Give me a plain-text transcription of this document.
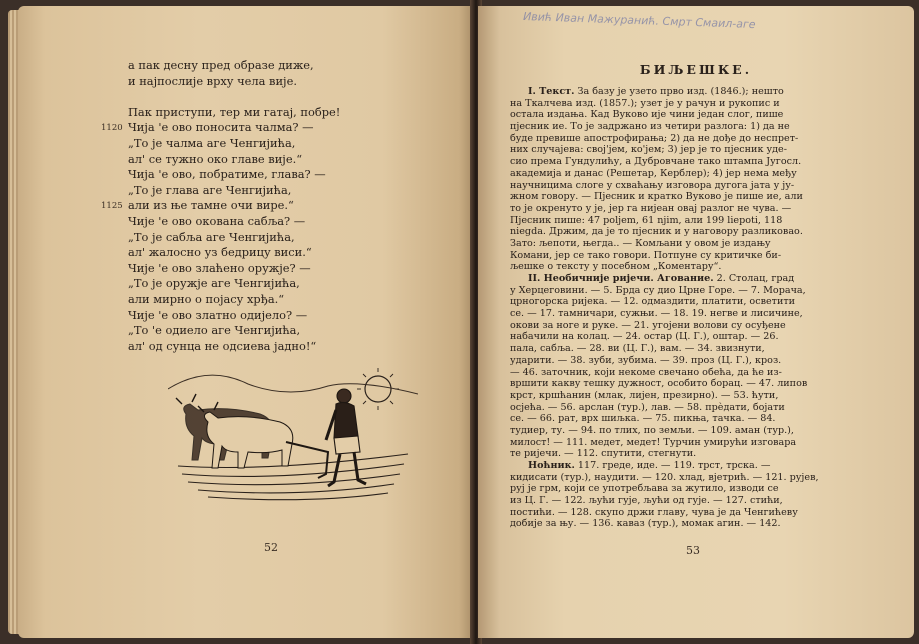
а пак десну пред образе диже,
и најпослије врху чела вије.
Пак приступи, тер ми гатај, побре!
1120 Чија 'е ово поносита чалма? —
„То је чалма аге Ченгијића,
ал' се тужно око главе вије.“
Чија 'е ово, побратиме, глава? —
„То је глава аге Ченгијића,
1125 али из ње тамне очи вире.“
Чије 'е ово окована сабља? —
„То је сабља аге Ченгијића,
ал' жалосно уз бедрицу виси.“
Чије 'е ово злаћено оружје? —
„То је оружје аге Ченгијића,
али мирно о појасу хрђа.“
Чије 'е ово златно одијело? —
„То 'е одиело аге Ченгијића,
ал' од сунца не одсиева јадно!“
52
Ивић Иван Мажуранић. Смрт Смаил-аге
БИЉЕШКЕ.
I. Текст. За базу је узето прво изд. (1846.); нешто
на Ткалчева изд. (1857.); узет је у рачун и рукопис и
остала издања. Кад Вуково ије чини један слог, пише
пјесник ие. То је задржано из четири разлога: 1) да не
буде превише апострофирања; 2) да не дође до неспрет-
них случајева: свој'јем, ко'јем; 3) јер је то пјесник уде-
сио према Гундулићу, а Дубровчане тако штампа Југосл.
академија и данас (Решетар, Керблер); 4) јер нема међу
научницима слоге у схваћању изговора дугога јата у ју-
жном говору. — Пјесник и кратко Вуково је пише ие, али
то је окренуто у је, јер га нијеан овај разлог не чува. —
Пјесник пише: 47 poljem, 61 njim, али 199 liepoti, 118
niegda. Држим, да је то пјесник и у наговору разликовао.
Зато: љепоти, његда.. — Комљани у овом је издању
Комани, јер се тако говори. Потпуне су критичке би-
љешке о тексту у посебном „Коментару“.
II. Необичније ријечи. Агование. 2. Столац, град
у Херцеговини. — 5. Брда су дио Црне Горе. — 7. Морача,
црногорска ријека. — 12. одмаздити, платити, осветити
се. — 17. тамничари, сужњи. — 18. 19. негве и лисичине,
окови за ноге и руке. — 21. угојени волови су осуђене
набачили на колац. — 24. остар (Ц. Г.), оштар. — 26.
пала, сабља. — 28. ви (Ц. Г.), вам. — 34. звизнути,
ударити. — 38. зуби, зубима. — 39. проз (Ц. Г.), кроз.
— 46. заточник, који некоме свечано обећа, да ће из-
вршити какву тешку дужност, особито борац. — 47. липов
крст, кршћанин (млак, лијен, презирно). — 53. ћути,
осјећа. — 56. арслан (тур.), лав. — 58. прѐдати, бојати
се. — 66. рат, врх шиљка. — 75. пикња, тачка. — 84.
тудиер, ту. — 94. по тлих, по земљи. — 109. аман (тур.),
милост! — 111. медет, медет! Турчин умирући изговара
те ријечи. — 112. спутити, стегнути.
Ноћник. 117. греде, иде. — 119. трст, трска. —
кидисати (тур.), наудити. — 120. хлад, вјетрић. — 121. рујев,
руј је грм, који се употребљава за жутило, изводи се
из Ц. Г. — 122. љући гује, љући од гује. — 127. стићи,
постићи. — 128. скупо држи главу, чува је да Ченгићеву
добије за њу. — 136. каваз (тур.), момак агин. — 142.
53
